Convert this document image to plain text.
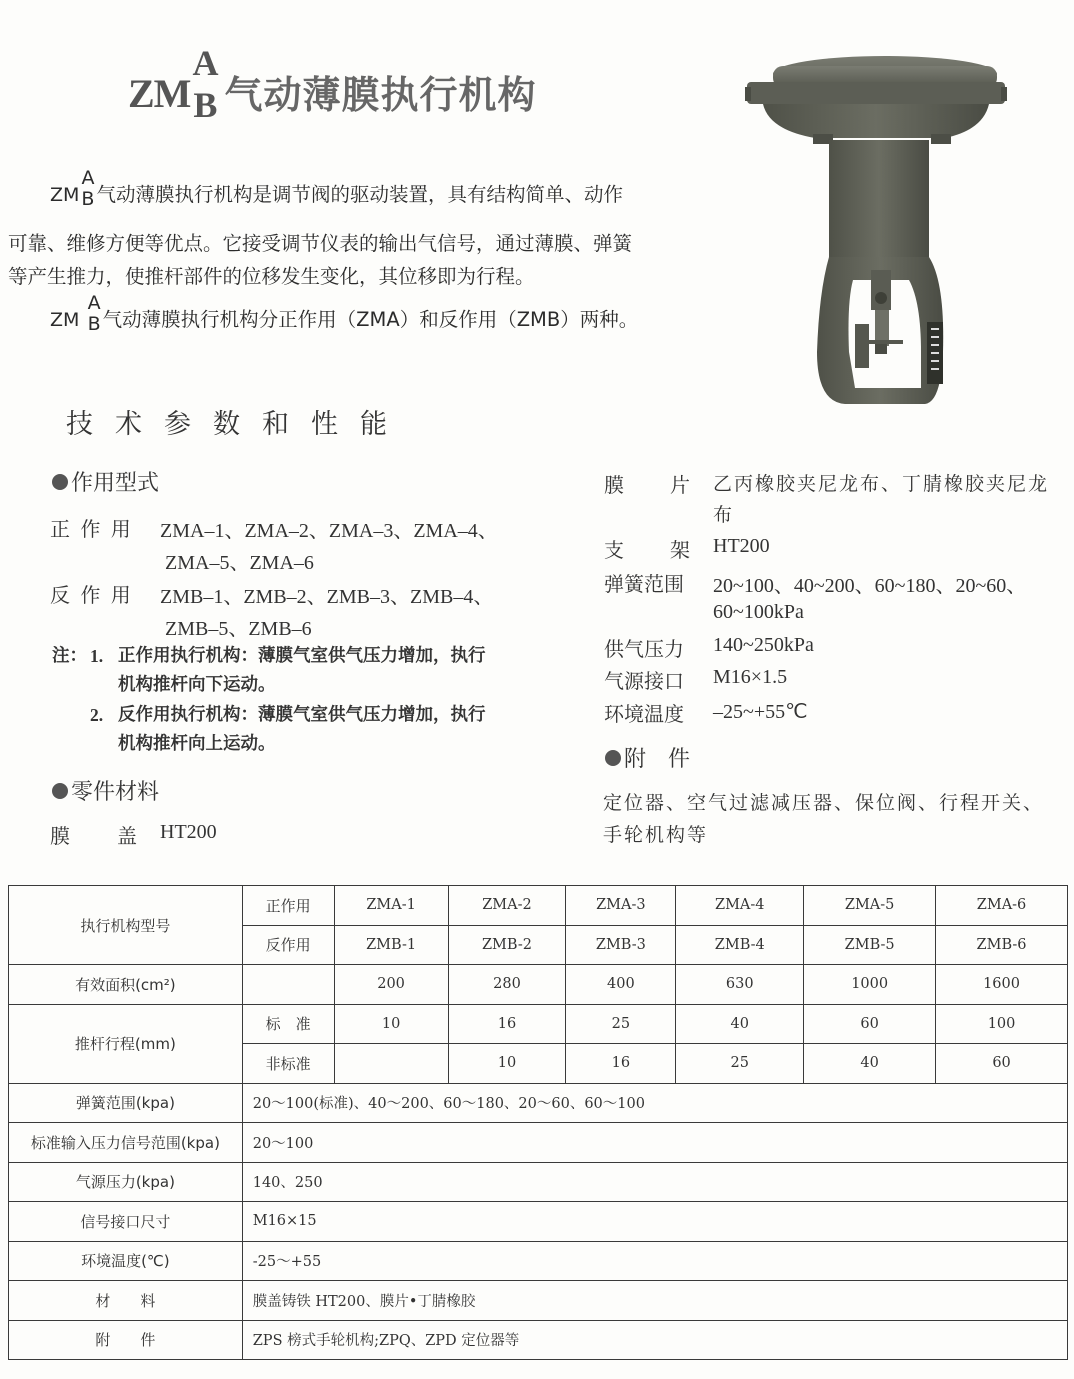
ZM
A
B 气动薄膜执行机构
ZM
A
B 气动薄膜执行机构是调节阀的驱动装置，具有结构简单、动作
可靠、维修方便等优点。它接受调节仪表的输出气信号，通过薄膜、弹簧
等产生推力，使推杆部件的位移发生变化，其位移即为行程。
ZM
A
B 气动薄膜执行机构分正作用（ZMA）和反作用（ZMB）两种。
技术参数和性能
作用型式
正 作 用 ZMA–1、ZMA–2、ZMA–3、ZMA–4、
ZMA–5、ZMA–6
反 作 用 ZMB–1、ZMB–2、ZMB–3、ZMB–4、
ZMB–5、ZMB–6
注： 1. 正作用执行机构：薄膜气室供气压力增加，执行
机构推杆向下运动。
2. 反作用执行机构：薄膜气室供气压力增加，执行
机构推杆向上运动。
零件材料
膜 盖 HT200
膜 片 乙丙橡胶夹尼龙布、丁腈橡胶夹尼龙
布
支 架 HT200
弹簧范围 20~100、40~200、60~180、20~60、
60~100kPa
供气压力 140~250kPa
气源接口 M16×1.5
环境温度 –25~+55℃
附　件
定位器、空气过滤减压器、保位阀、行程开关、
手轮机构等
执行机构型号	正作用	ZMA-1	ZMA-2	ZMA-3	ZMA-4	ZMA-5	ZMA-6
	反作用	ZMB-1	ZMB-2	ZMB-3	ZMB-4	ZMB-5	ZMB-6
有效面积(cm²)		200	280	400	630	1000	1600
推杆行程(mm)	标　准	10	16	25	40	60	100
	非标准		10	16	25	40	60
弹簧范围(kpa)	20～100(标准)、40～200、60～180、20～60、60～100						
标准输入压力信号范围(kpa)	20～100						
气源压力(kpa)	140、250						
信号接口尺寸	M16×15						
环境温度(℃)	-25～+55						
材　　料	膜盖铸铁 HT200、膜片•丁腈橡胶						
附　　件	ZPS 榜式手轮机构;ZPQ、ZPD 定位器等						
